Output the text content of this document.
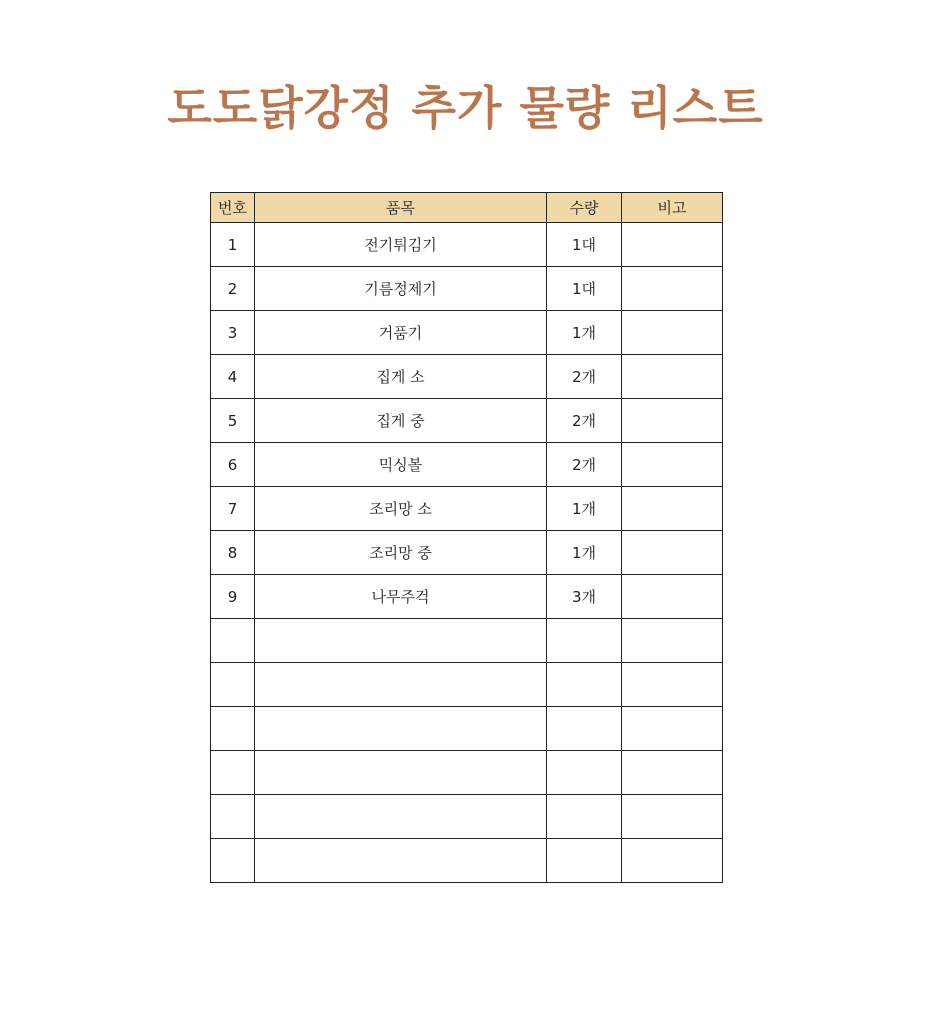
도도닭강정 추가 물량 리스트
번호	품목	수량	비고
1	전기튀김기	1대	
2	기름정제기	1대	
3	거품기	1개	
4	집게 소	2개	
5	집게 중	2개	
6	믹싱볼	2개	
7	조리망 소	1개	
8	조리망 중	1개	
9	나무주걱	3개	
